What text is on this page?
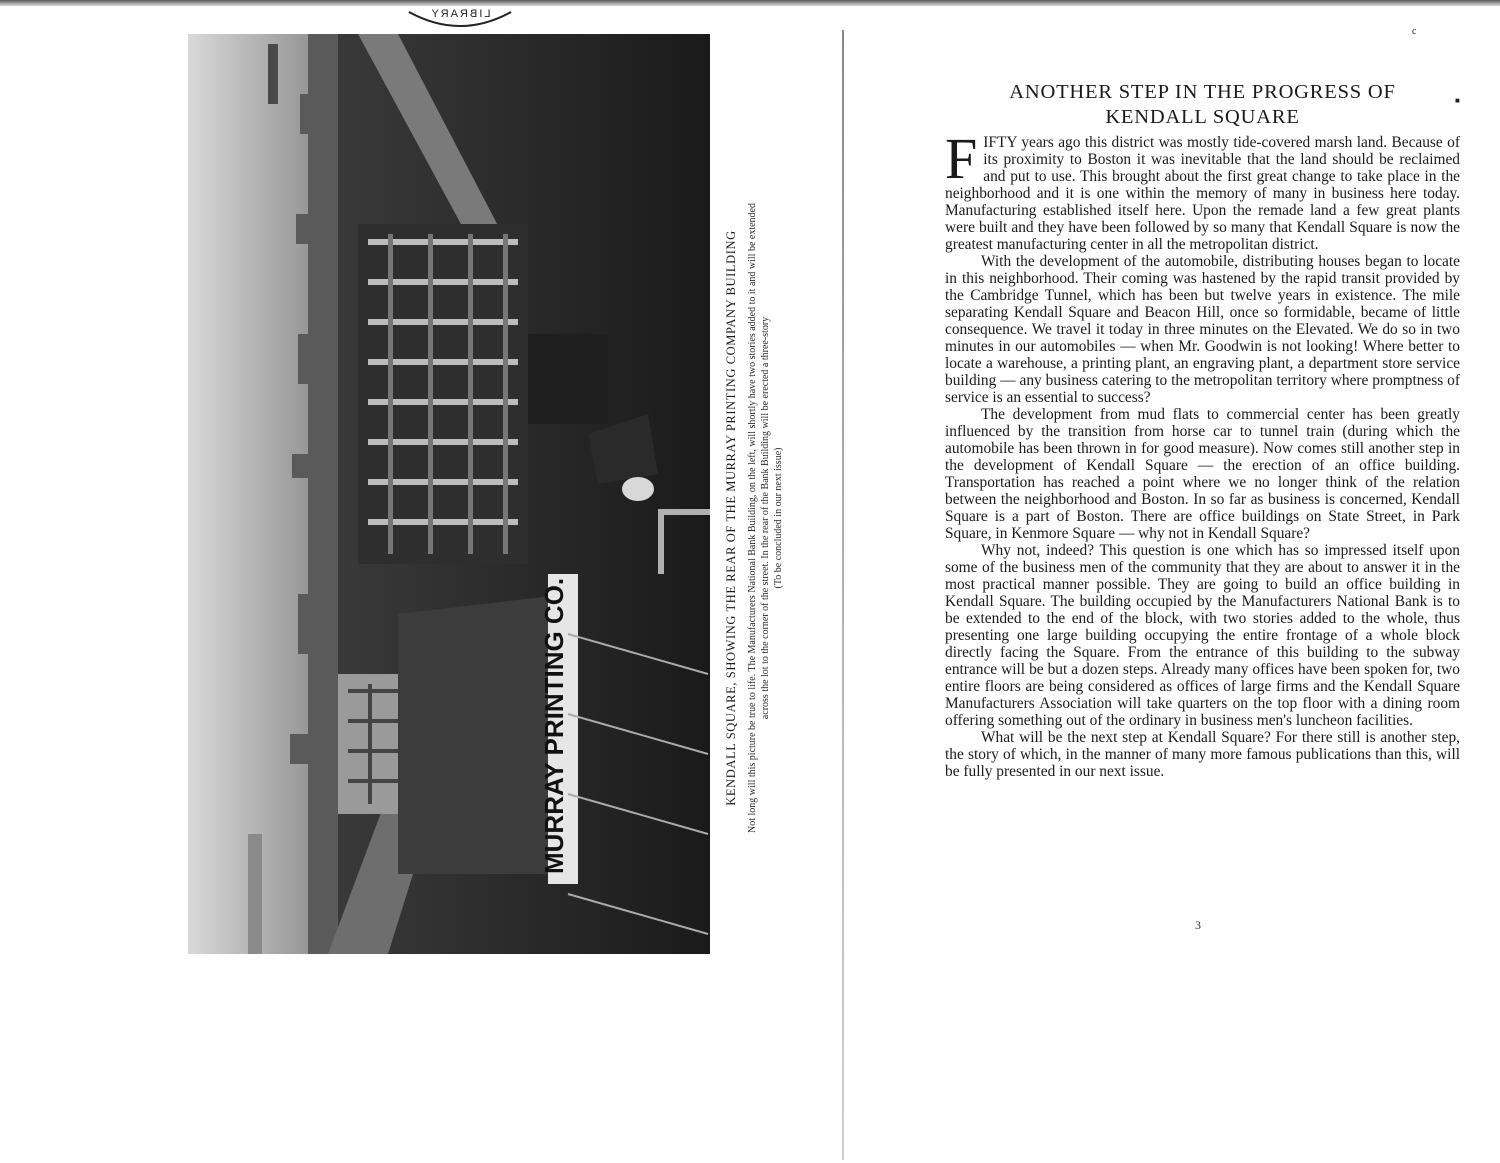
LIBRARY
MURRAY PRINTING CO.	KENDALL SQUARE, SHOWING THE REAR OF THE MURRAY PRINTING COMPANY BUILDING Not long will this picture be true to life. The Manufacturers National Bank Building, on the left, will shortly have two stories added to it and will be extended across the lot to the corner of the street. In the rear of the Bank Building will be erected a three-story (To be concluded in our next issue)
c
■
ANOTHER STEP IN THE PROGRESS OF
KENDALL SQUARE

FIFTY years ago this district was mostly tide-covered marsh land. Because of its proximity to Boston it was inevitable that the land should be reclaimed and put to use. This brought about the first great change to take place in the neighborhood and it is one within the memory of many in business here today. Manufacturing established itself here. Upon the remade land a few great plants were built and they have been followed by so many that Kendall Square is now the greatest manufacturing center in all the metropolitan district.

With the development of the automobile, distributing houses began to locate in this neighborhood. Their coming was hastened by the rapid transit provided by the Cambridge Tunnel, which has been but twelve years in existence. The mile separating Kendall Square and Beacon Hill, once so formidable, became of little consequence. We travel it today in three minutes on the Elevated. We do so in two minutes in our automobiles — when Mr. Goodwin is not looking! Where better to locate a warehouse, a printing plant, an engraving plant, a department store service building — any business catering to the metropolitan territory where promptness of service is an essential to success?

The development from mud flats to commercial center has been greatly influenced by the transition from horse car to tunnel train (during which the automobile has been thrown in for good measure). Now comes still another step in the development of Kendall Square — the erection of an office building. Transportation has reached a point where we no longer think of the relation between the neighborhood and Boston. In so far as business is concerned, Kendall Square is a part of Boston. There are office buildings on State Street, in Park Square, in Kenmore Square — why not in Kendall Square?

Why not, indeed? This question is one which has so impressed itself upon some of the business men of the community that they are about to answer it in the most practical manner possible. They are going to build an office building in Kendall Square. The building occupied by the Manufacturers National Bank is to be extended to the end of the block, with two stories added to the whole, thus presenting one large building occupying the entire frontage of a whole block directly facing the Square. From the entrance of this building to the subway entrance will be but a dozen steps. Already many offices have been spoken for, two entire floors are being considered as offices of large firms and the Kendall Square Manufacturers Association will take quarters on the top floor with a dining room offering something out of the ordinary in business men's luncheon facilities.

What will be the next step at Kendall Square? For there still is another step, the story of which, in the manner of many more famous publications than this, will be fully presented in our next issue.

3
